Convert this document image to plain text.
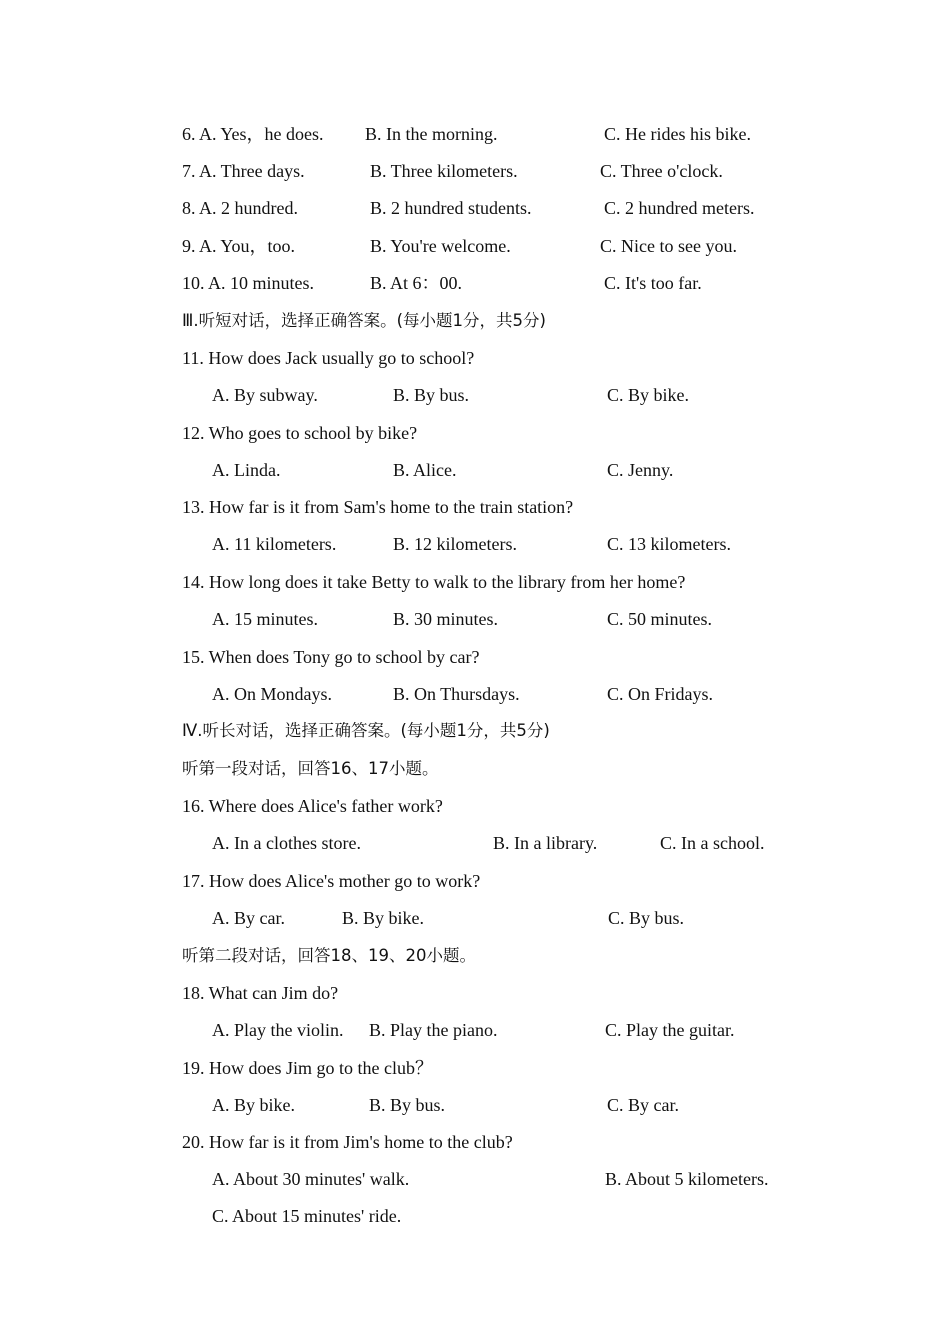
6. A. Yes，he does. B. In the morning.	C. He rides his bike.
7. A. Three days.	B. Three kilometers.	C. Three o'clock.
8. A. 2 hundred.	B. 2 hundred students.	C. 2 hundred meters.
9. A. You，too.	B. You're welcome.	C. Nice to see you.
10. A. 10 minutes.	B. At 6：00.	C. It's too far.
Ⅲ.听短对话，选择正确答案。(每小题1分，共5分)
11. How does Jack usually go to school?
A. By subway.	B. By bus.	C. By bike.
12. Who goes to school by bike?
A. Linda.	B. Alice.	C. Jenny.
13. How far is it from Sam's home to the train station?
A. 11 kilometers.	B. 12 kilometers.	C. 13 kilometers.
14. How long does it take Betty to walk to the library from her home?
A. 15 minutes.	B. 30 minutes.	C. 50 minutes.
15. When does Tony go to school by car?
A. On Mondays.	B. On Thursdays.	C. On Fridays.
Ⅳ.听长对话，选择正确答案。(每小题1分，共5分)
听第一段对话，回答16、17小题。
16. Where does Alice's father work?
A. In a clothes store.	B. In a library.	C. In a school.
17. How does Alice's mother go to work?
A. By car.	B. By bike.	C. By bus.
听第二段对话，回答18、19、20小题。
18. What can Jim do?
A. Play the violin. B. Play the piano.	C. Play the guitar.
19. How does Jim go to the club？
A. By bike.	B. By bus.	C. By car.
20. How far is it from Jim's home to the club?
A. About 30 minutes' walk.	B. About 5 kilometers.
C. About 15 minutes' ride.
